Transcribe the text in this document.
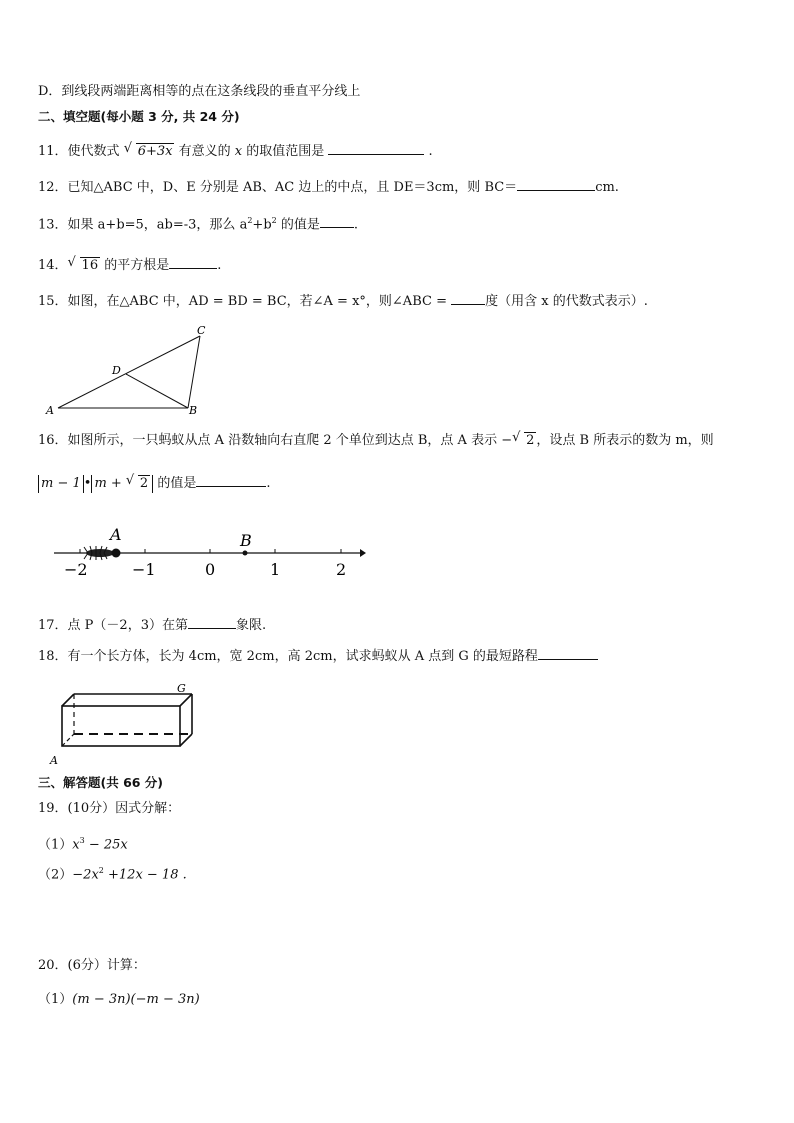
D．到线段两端距离相等的点在这条线段的垂直平分线上
二、填空题(每小题 3 分, 共 24 分)
11．使代数式 √ 6+3x 有意义的 x 的取值范围是	.
12．已知△ABC 中，D、E 分别是 AB、AC 边上的中点，且 DE＝3cm，则 BC＝	cm.
13．如果 a+b=5，ab=-3，那么 $a^2+b^2$ 的值是	.
14． √ 16 的平方根是	.
15．如图，在△ABC 中，AD = BD = BC，若∠A = x°，则∠ABC =	度（用含 x 的代数式表示）.
A	B
C
D
16．如图所示，一只蚂蚁从点 A 沿数轴向右直爬 2 个单位到达点 B，点 A 表示 − √ 2 ，设点 B 所表示的数为 m，则
m − 1 • m + √ 2 的值是	.
A	B
−2	−1	0	1	2
17．点 P（－2，3）在第	象限.
18．有一个长方体，长为 4cm，宽 2cm，高 2cm，试求蚂蚁从 A 点到 G 的最短路程
A
G
三、解答题(共 66 分)
19．(10分）因式分解：
$(1)x^3 - 25x$
$(2)-2x^2 +12x - 18$ .
20．(6分）计算：
（1）(m − 3n)(−m − 3n)
